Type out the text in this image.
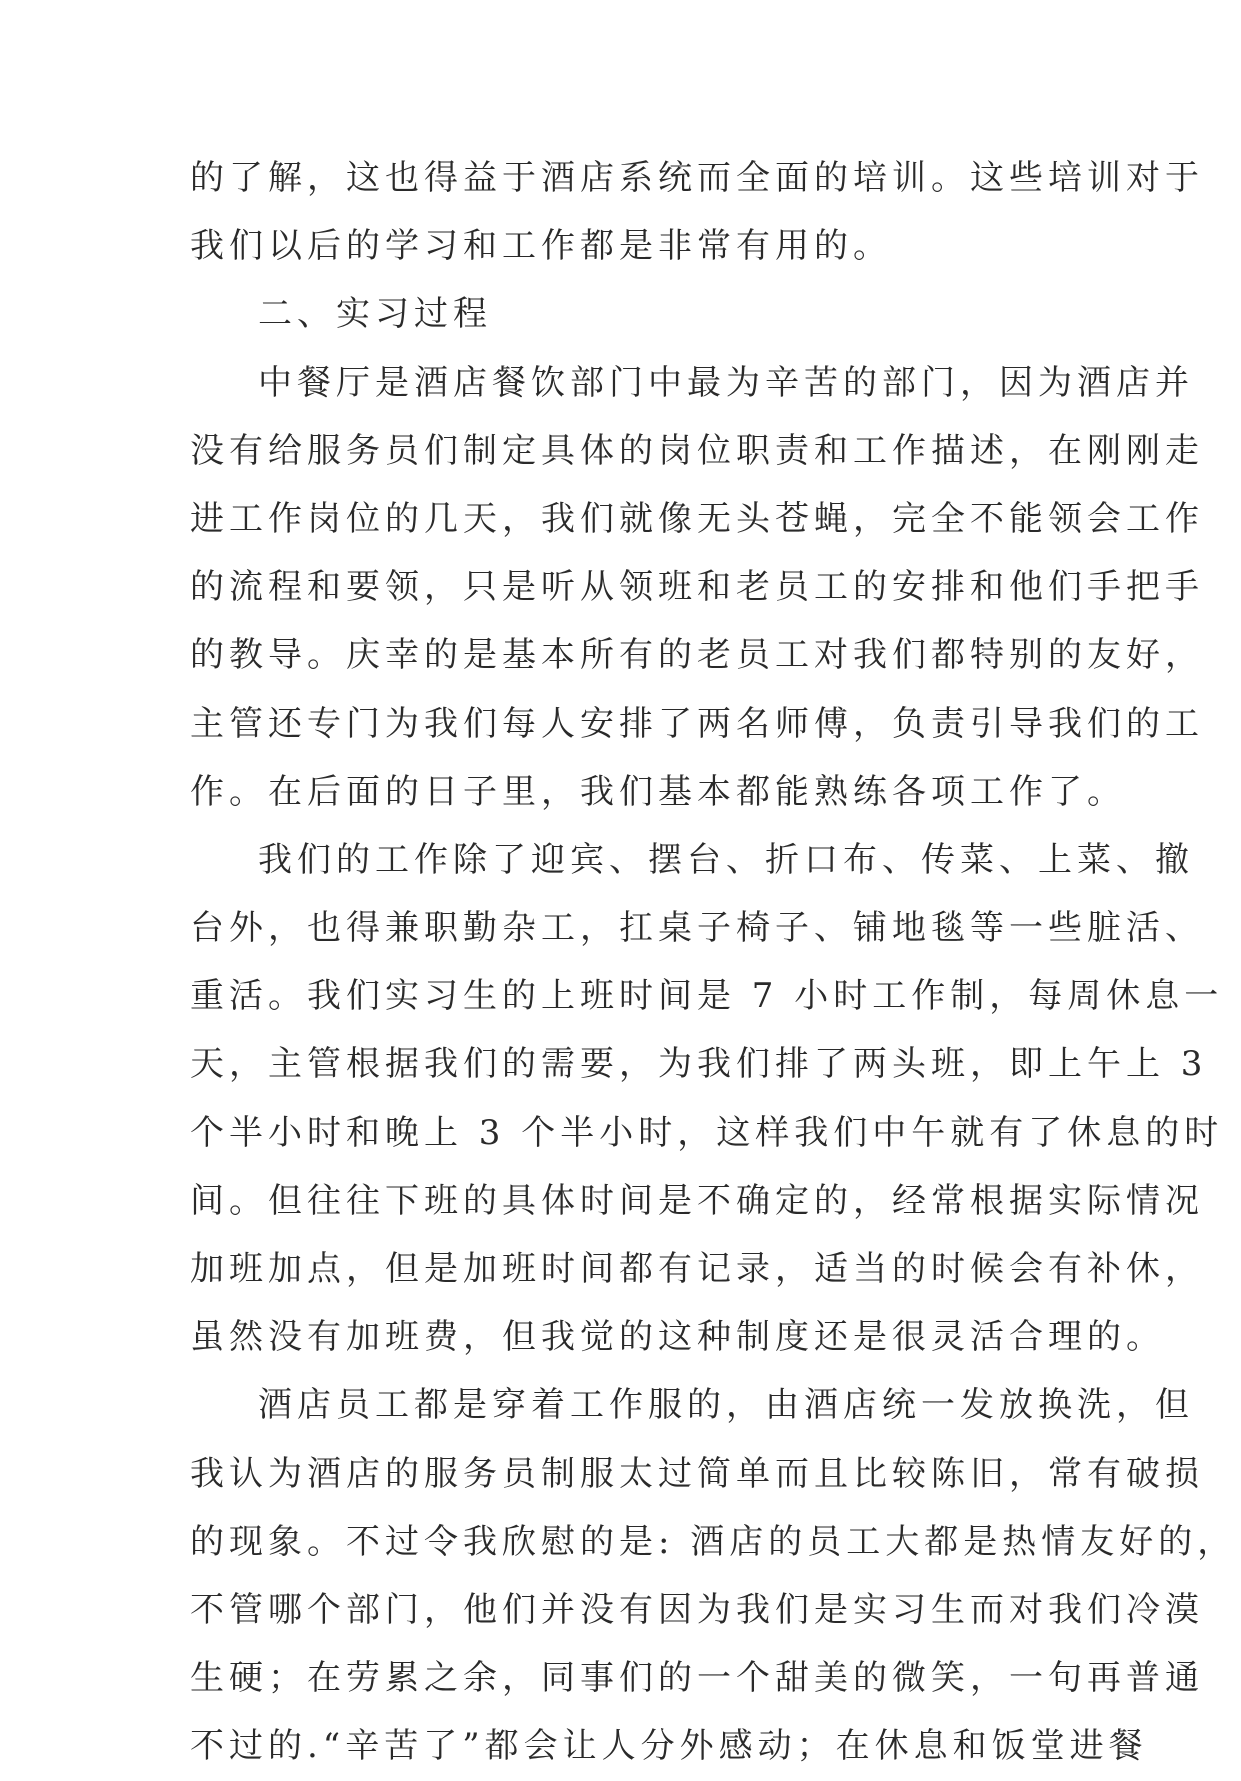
的了解，这也得益于酒店系统而全面的培训。这些培训对于
我们以后的学习和工作都是非常有用的。
二、实习过程
中餐厅是酒店餐饮部门中最为辛苦的部门，因为酒店并
没有给服务员们制定具体的岗位职责和工作描述，在刚刚走
进工作岗位的几天，我们就像无头苍蝇，完全不能领会工作
的流程和要领，只是听从领班和老员工的安排和他们手把手
的教导。庆幸的是基本所有的老员工对我们都特别的友好，
主管还专门为我们每人安排了两名师傅，负责引导我们的工
作。在后面的日子里，我们基本都能熟练各项工作了。
我们的工作除了迎宾、摆台、折口布、传菜、上菜、撤
台外，也得兼职勤杂工，扛桌子椅子、铺地毯等一些脏活、
重活。我们实习生的上班时间是 7 小时工作制，每周休息一
天，主管根据我们的需要，为我们排了两头班，即上午上 3
个半小时和晚上 3 个半小时，这样我们中午就有了休息的时
间。但往往下班的具体时间是不确定的，经常根据实际情况
加班加点，但是加班时间都有记录，适当的时候会有补休，
虽然没有加班费，但我觉的这种制度还是很灵活合理的。
酒店员工都是穿着工作服的，由酒店统一发放换洗，但
我认为酒店的服务员制服太过简单而且比较陈旧，常有破损
的现象。不过令我欣慰的是: 酒店的员工大都是热情友好的，
不管哪个部门，他们并没有因为我们是实习生而对我们冷漠
生硬；在劳累之余，同事们的一个甜美的微笑，一句再普通
不过的.“辛苦了”都会让人分外感动；在休息和饭堂进餐
